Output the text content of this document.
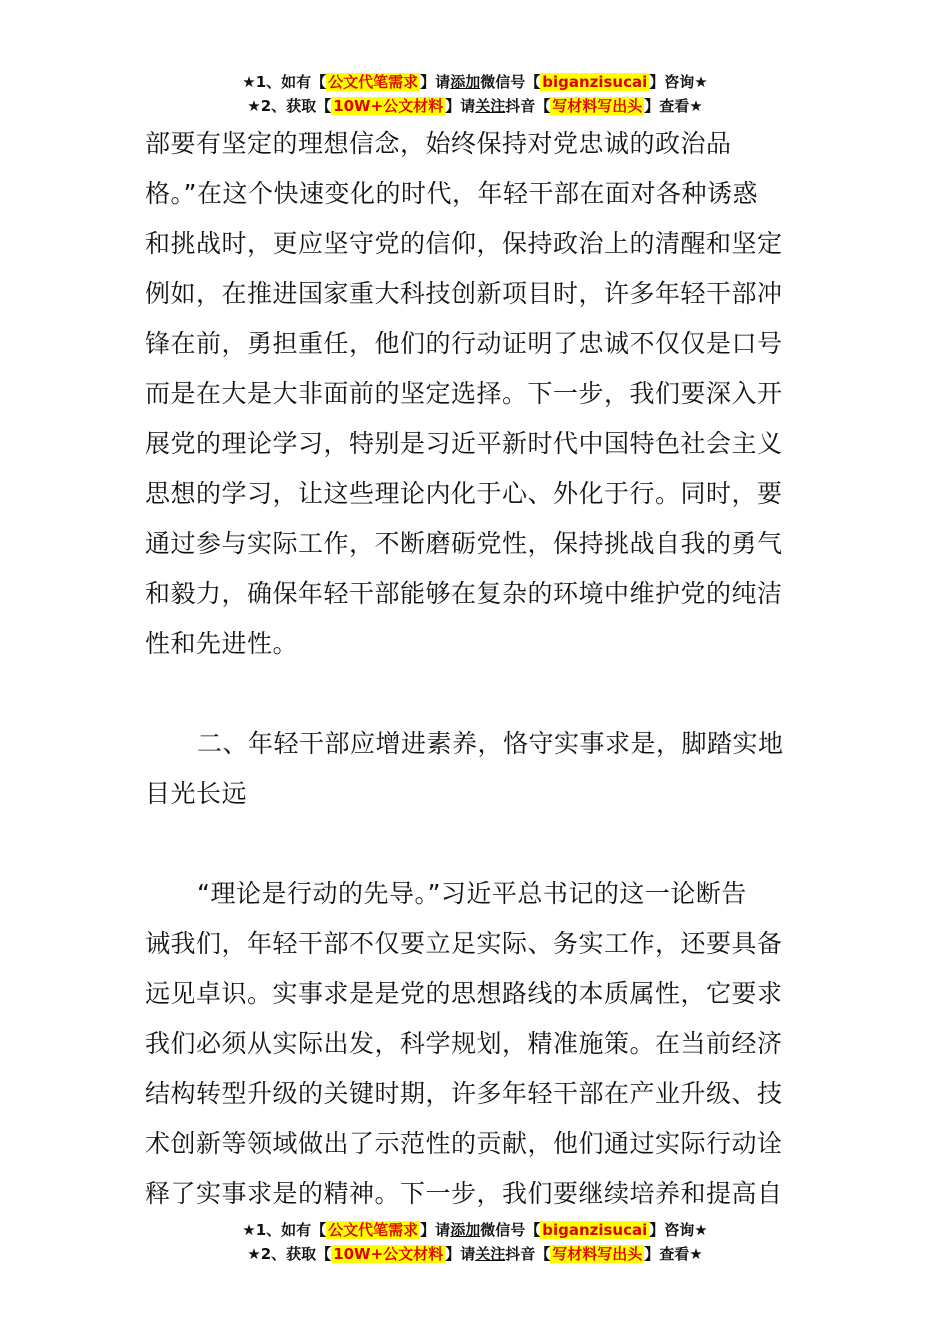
★1、如有【 公文代笔需求 】请添加微信号【 biganzisucai 】咨询★
★2、获取【 10W+公文材料 】请关注抖音【 写材料写出头 】查看★

部要有坚定的理想信念，始终保持对党忠诚的政治品

格。”在这个快速变化的时代，年轻干部在面对各种诱惑

和挑战时，更应坚守党的信仰，保持政治上的清醒和坚定

例如，在推进国家重大科技创新项目时，许多年轻干部冲

锋在前，勇担重任，他们的行动证明了忠诚不仅仅是口号

而是在大是大非面前的坚定选择。下一步，我们要深入开

展党的理论学习，特别是习近平新时代中国特色社会主义

思想的学习，让这些理论内化于心、外化于行。同时，要

通过参与实际工作，不断磨砺党性，保持挑战自我的勇气

和毅力，确保年轻干部能够在复杂的环境中维护党的纯洁

性和先进性。

二、年轻干部应增进素养，恪守实事求是，脚踏实地

目光长远

“理论是行动的先导。”习近平总书记的这一论断告

诫我们，年轻干部不仅要立足实际、务实工作，还要具备

远见卓识。实事求是是党的思想路线的本质属性，它要求

我们必须从实际出发，科学规划，精准施策。在当前经济

结构转型升级的关键时期，许多年轻干部在产业升级、技

术创新等领域做出了示范性的贡献，他们通过实际行动诠

释了实事求是的精神。下一步，我们要继续培养和提高自

★1、如有【 公文代笔需求 】请添加微信号【 biganzisucai 】咨询★
★2、获取【 10W+公文材料 】请关注抖音【 写材料写出头 】查看★
